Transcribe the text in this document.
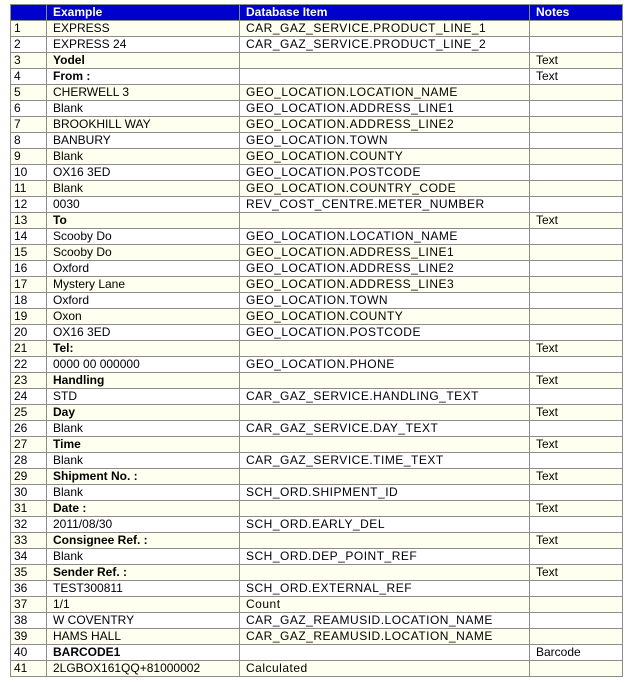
	Example	Database Item	Notes
1	EXPRESS	CAR_GAZ_SERVICE.PRODUCT_LINE_1	
2	EXPRESS 24	CAR_GAZ_SERVICE.PRODUCT_LINE_2	
3	Yodel		Text
4	From :		Text
5	CHERWELL 3	GEO_LOCATION.LOCATION_NAME	
6	Blank	GEO_LOCATION.ADDRESS_LINE1	
7	BROOKHILL WAY	GEO_LOCATION.ADDRESS_LINE2	
8	BANBURY	GEO_LOCATION.TOWN	
9	Blank	GEO_LOCATION.COUNTY	
10	OX16 3ED	GEO_LOCATION.POSTCODE	
11	Blank	GEO_LOCATION.COUNTRY_CODE	
12	0030	REV_COST_CENTRE.METER_NUMBER	
13	To		Text
14	Scooby Do	GEO_LOCATION.LOCATION_NAME	
15	Scooby Do	GEO_LOCATION.ADDRESS_LINE1	
16	Oxford	GEO_LOCATION.ADDRESS_LINE2	
17	Mystery Lane	GEO_LOCATION.ADDRESS_LINE3	
18	Oxford	GEO_LOCATION.TOWN	
19	Oxon	GEO_LOCATION.COUNTY	
20	OX16 3ED	GEO_LOCATION.POSTCODE	
21	Tel:		Text
22	0000 00 000000	GEO_LOCATION.PHONE	
23	Handling		Text
24	STD	CAR_GAZ_SERVICE.HANDLING_TEXT	
25	Day		Text
26	Blank	CAR_GAZ_SERVICE.DAY_TEXT	
27	Time		Text
28	Blank	CAR_GAZ_SERVICE.TIME_TEXT	
29	Shipment No. :		Text
30	Blank	SCH_ORD.SHIPMENT_ID	
31	Date :		Text
32	2011/08/30	SCH_ORD.EARLY_DEL	
33	Consignee Ref. :		Text
34	Blank	SCH_ORD.DEP_POINT_REF	
35	Sender Ref. :		Text
36	TEST300811	SCH_ORD.EXTERNAL_REF	
37	1/1	Count	
38	W COVENTRY	CAR_GAZ_REAMUSID.LOCATION_NAME	
39	HAMS HALL	CAR_GAZ_REAMUSID.LOCATION_NAME	
40	BARCODE1		Barcode
41	2LGBOX161QQ+81000002	Calculated	
